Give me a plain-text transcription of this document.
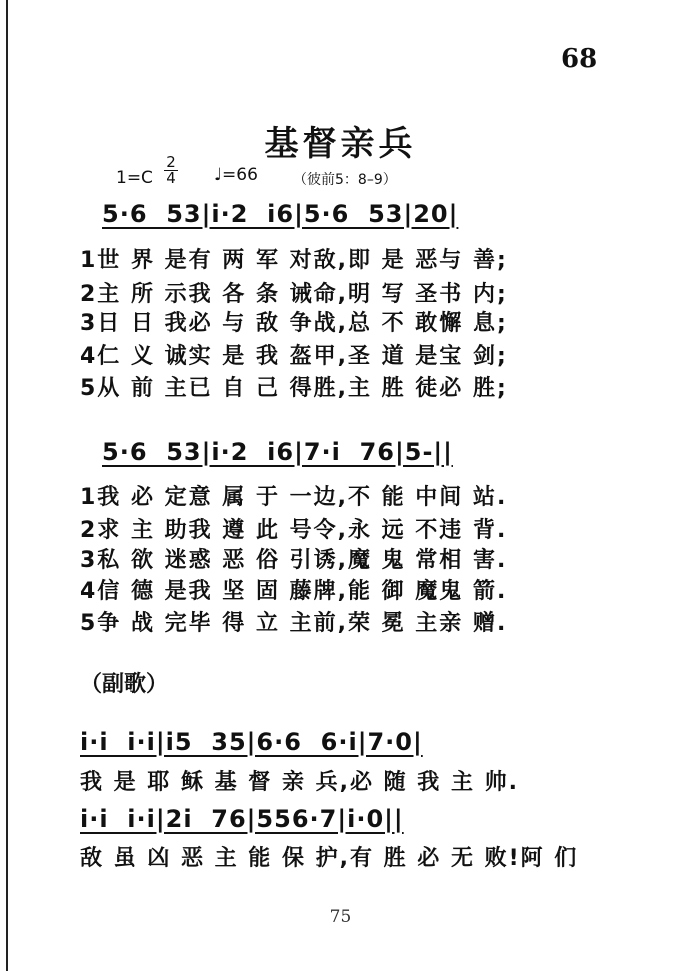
68
基督亲兵
$1=C \frac{2}{4}$ ♩=66	（彼前5：8–9）
5·6  53|i·2  i6|5·6  53|20|
1世 界 是有 两 军 对敌,即 是 恶与 善;
2主 所 示我 各 条 诫命,明 写 圣书 内;
3日 日 我必 与 敌 争战,总 不 敢懈 息;
4仁 义 诚实 是 我 盔甲,圣 道 是宝 剑;
5从 前 主已 自 己 得胜,主 胜 徒必 胜;
5·6  53|i·2  i6|7·i  76|5-||
1我 必 定意 属 于 一边,不 能 中间 站.
2求 主 助我 遵 此 号令,永 远 不违 背.
3私 欲 迷惑 恶 俗 引诱,魔 鬼 常相 害.
4信 德 是我 坚 固 藤牌,能 御 魔鬼 箭.
5争 战 完毕 得 立 主前,荣 冕 主亲 赠.
（副歌）
i·i  i·i|i5  35|6·6  6·i|7·0|
我 是 耶 稣 基 督 亲 兵,必 随 我 主 帅.
i·i  i·i|2i  76|556·7|i·0||
敌 虽 凶 恶 主 能 保 护,有 胜 必 无 败!阿 们
75
